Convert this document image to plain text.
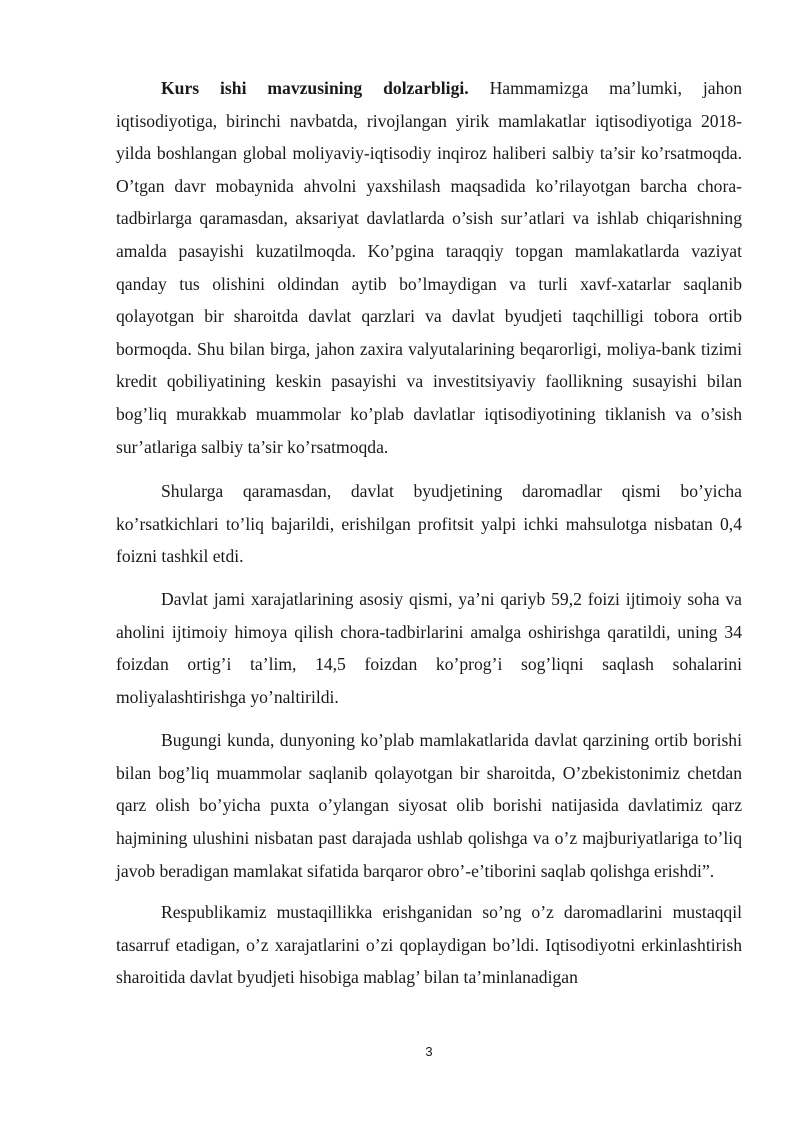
Kurs ishi mavzusining dolzarbligi. Hammamizga ma’lumki, jahon iqtisodiyotiga, birinchi navbatda, rivojlangan yirik mamlakatlar iqtisodiyotiga 2018-yilda boshlangan global moliyaviy-iqtisodiy inqiroz haliberi salbiy ta’sir ko’rsatmoqda. O’tgan davr mobaynida ahvolni yaxshilash maqsadida ko’rilayotgan barcha chora-tadbirlarga qaramasdan, aksariyat davlatlarda o’sish sur’atlari va ishlab chiqarishning amalda pasayishi kuzatilmoqda. Ko’pgina taraqqiy topgan mamlakatlarda vaziyat qanday tus olishini oldindan aytib bo’lmaydigan va turli xavf-xatarlar saqlanib qolayotgan bir sharoitda davlat qarzlari va davlat byudjeti taqchilligi tobora ortib bormoqda. Shu bilan birga, jahon zaxira valyutalarining beqarorligi, moliya-bank tizimi kredit qobiliyatining keskin pasayishi va investitsiyaviy faollikning susayishi bilan bog’liq murakkab muammolar ko’plab davlatlar iqtisodiyotining tiklanish va o’sish sur’atlariga salbiy ta’sir ko’rsatmoqda.

Shularga qaramasdan, davlat byudjetining daromadlar qismi bo’yicha ko’rsatkichlari to’liq bajarildi, erishilgan profitsit yalpi ichki mahsulotga nisbatan 0,4 foizni tashkil etdi.

Davlat jami xarajatlarining asosiy qismi, ya’ni qariyb 59,2 foizi ijtimoiy soha va aholini ijtimoiy himoya qilish chora-tadbirlarini amalga oshirishga qaratildi, uning 34 foizdan ortig’i ta’lim, 14,5 foizdan ko’prog’i sog’liqni saqlash sohalarini moliyalashtirishga yo’naltirildi.

Bugungi kunda, dunyoning ko’plab mamlakatlarida davlat qarzining ortib borishi bilan bog’liq muammolar saqlanib qolayotgan bir sharoitda, O’zbekistonimiz chetdan qarz olish bo’yicha puxta o’ylangan siyosat olib borishi natijasida davlatimiz qarz hajmining ulushini nisbatan past darajada ushlab qolishga va o’z majburiyatlariga to’liq javob beradigan mamlakat sifatida barqaror obro’-e’tiborini saqlab qolishga erishdi”.

Respublikamiz mustaqillikka erishganidan so’ng o’z daromadlarini mustaqqil tasarruf etadigan, o’z xarajatlarini o’zi qoplaydigan bo’ldi. Iqtisodiyotni erkinlashtirish sharoitida davlat byudjeti hisobiga mablag’ bilan ta’minlanadigan

3
